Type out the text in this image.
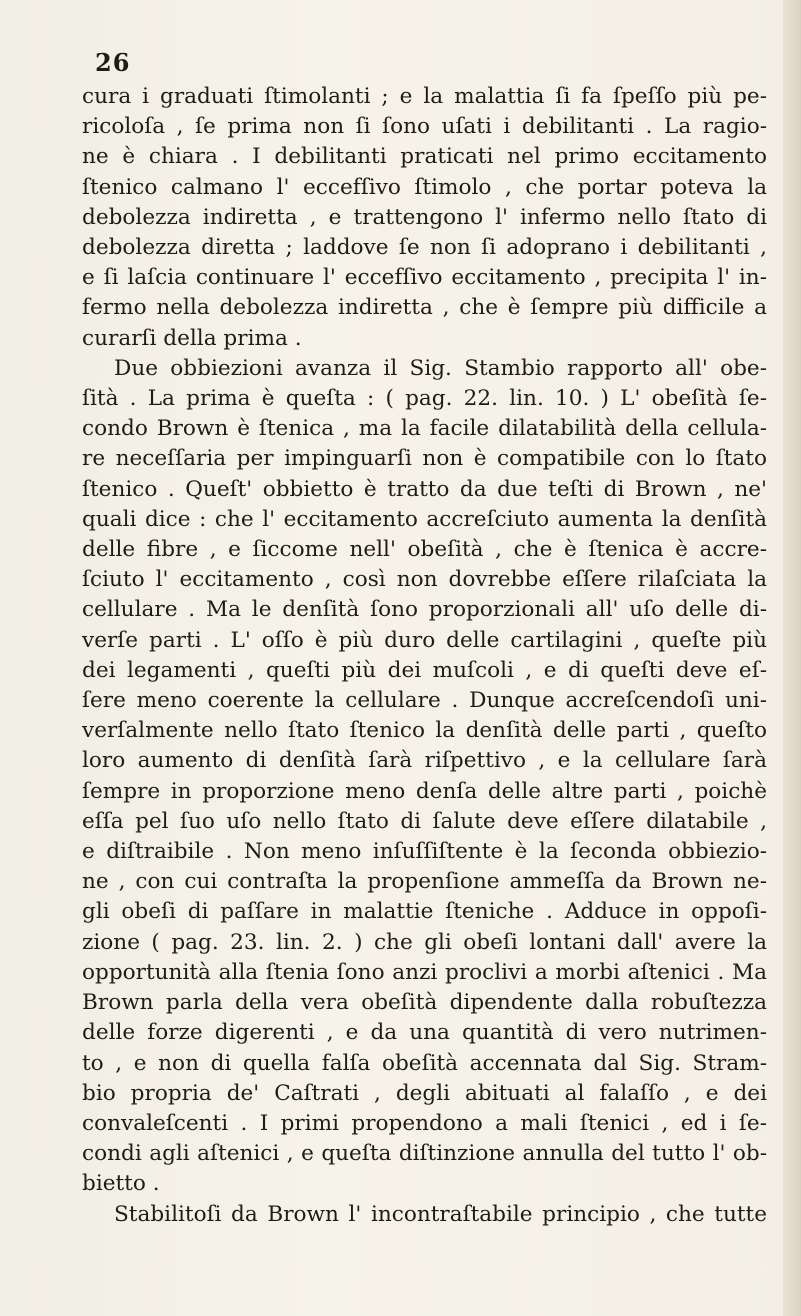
26
cura i graduati ſtimolanti ; e la malattia ſi fa ſpeſſo più pe-
ricoloſa , ſe prima non ſi ſono uſati i debilitanti . La ragio-
ne è chiara . I debilitanti praticati nel primo eccitamento
ſtenico calmano l' eccefſivo ſtimolo , che portar poteva la
debolezza indiretta , e trattengono l' infermo nello ſtato di
debolezza diretta ; laddove ſe non ſi adoprano i debilitanti ,
e ſi laſcia continuare l' eccefſivo eccitamento , precipita l' in-
fermo nella debolezza indiretta , che è ſempre più difficile a
curarſi della prima .
Due obbiezioni avanza il Sig. Stambio rapporto all' obe-
ſità . La prima è queſta : ( pag. 22. lin. 10. ) L' obeſità ſe-
condo Brown è ſtenica , ma la facile dilatabilità della cellula-
re neceſſaria per impinguarſi non è compatibile con lo ſtato
ſtenico . Queſt' obbietto è tratto da due teſti di Brown , ne'
quali dice : che l' eccitamento accreſciuto aumenta la denſità
delle fibre , e ſiccome nell' obeſità , che è ſtenica è accre-
ſciuto l' eccitamento , così non dovrebbe eſſere rilaſciata la
cellulare . Ma le denſità ſono proporzionali all' uſo delle di-
verſe parti . L' oſſo è più duro delle cartilagini , queſte più
dei legamenti , queſti più dei muſcoli , e di queſti deve eſ-
ſere meno coerente la cellulare . Dunque accreſcendoſi uni-
verſalmente nello ſtato ſtenico la denſità delle parti , queſto
loro aumento di denſità ſarà riſpettivo , e la cellulare ſarà
ſempre in proporzione meno denſa delle altre parti , poichè
eſſa pel ſuo uſo nello ſtato di ſalute deve eſſere dilatabile ,
e diſtraibile . Non meno inſuſſiſtente è la ſeconda obbiezio-
ne , con cui contraſta la propenſione ammeſſa da Brown ne-
gli obeſi di paſſare in malattie ſteniche . Adduce in oppoſi-
zione ( pag. 23. lin. 2. ) che gli obeſi lontani dall' avere la
opportunità alla ſtenia ſono anzi proclivi a morbi aſtenici . Ma
Brown parla della vera obeſità dipendente dalla robuſtezza
delle forze digerenti , e da una quantità di vero nutrimen-
to , e non di quella falſa obeſità accennata dal Sig. Stram-
bio propria de' Caſtrati , degli abituati al falaſſo , e dei
convaleſcenti . I primi propendono a mali ſtenici , ed i ſe-
condi agli aſtenici , e queſta diſtinzione annulla del tutto l' ob-
bietto .
Stabilitoſi da Brown l' incontraſtabile principio , che tutte
